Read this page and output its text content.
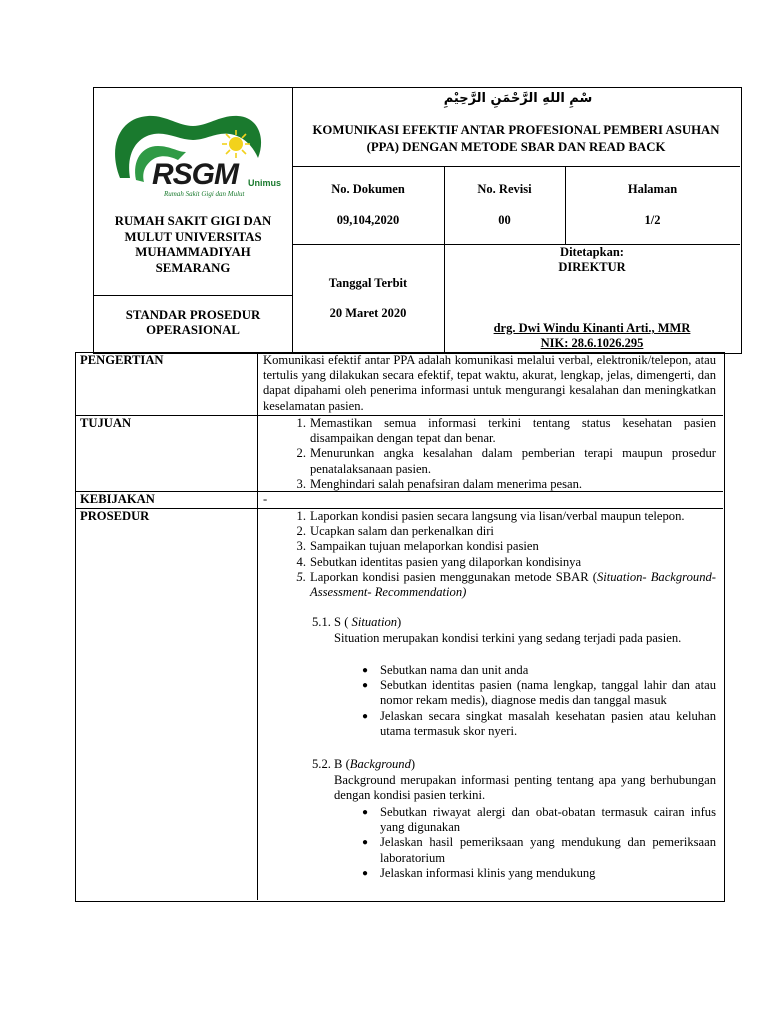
RSGM Unimus
Rumah Sakit Gigi dan Mulut
RUMAH SAKIT GIGI DAN MULUT UNIVERSITAS MUHAMMADIYAH SEMARANG
STANDAR PROSEDUR OPERASIONAL
سْمِ اللهِ الرَّحْمَنِ الرَّحِيْمِ
KOMUNIKASI EFEKTIF ANTAR PROFESIONAL PEMBERI ASUHAN (PPA) DENGAN METODE SBAR DAN READ BACK
No. Dokumen
09,104,2020
No. Revisi
00
Halaman
1/2
Tanggal Terbit
20 Maret 2020
Ditetapkan:
DIREKTUR
drg. Dwi Windu Kinanti Arti., MMR
NIK: 28.6.1026.295
PENGERTIAN
TUJUAN
KEBIJAKAN
PROSEDUR
Komunikasi efektif antar PPA adalah komunikasi melalui verbal, elektronik/telepon, atau tertulis yang dilakukan secara efektif, tepat waktu, akurat, lengkap, jelas, dimengerti, dan dapat dipahami oleh penerima informasi untuk mengurangi kesalahan dan meningkatkan keselamatan pasien.
1. Memastikan semua informasi terkini tentang status kesehatan pasien disampaikan dengan tepat dan benar.
2. Menurunkan angka kesalahan dalam pemberian terapi maupun prosedur penatalaksanaan pasien.
3. Menghindari salah penafsiran dalam menerima pesan.
-
1. Laporkan kondisi pasien secara langsung via lisan/verbal maupun telepon.
2. Ucapkan salam dan perkenalkan diri
3. Sampaikan tujuan melaporkan kondisi pasien
4. Sebutkan identitas pasien yang dilaporkan kondisinya
5. Laporkan kondisi pasien menggunakan metode SBAR (Situation- Background- Assessment- Recommendation)
5.1. S ( Situation)
Situation merupakan kondisi terkini yang sedang terjadi pada pasien.
● Sebutkan nama dan unit anda
● Sebutkan identitas pasien (nama lengkap, tanggal lahir dan atau nomor rekam medis), diagnose medis dan tanggal masuk
● Jelaskan secara singkat masalah kesehatan pasien atau keluhan utama termasuk skor nyeri.
5.2. B (Background)
Background merupakan informasi penting tentang apa yang berhubungan dengan kondisi pasien terkini.
● Sebutkan riwayat alergi dan obat-obatan termasuk cairan infus yang digunakan
● Jelaskan hasil pemeriksaan yang mendukung dan pemeriksaan laboratorium
● Jelaskan informasi klinis yang mendukung
